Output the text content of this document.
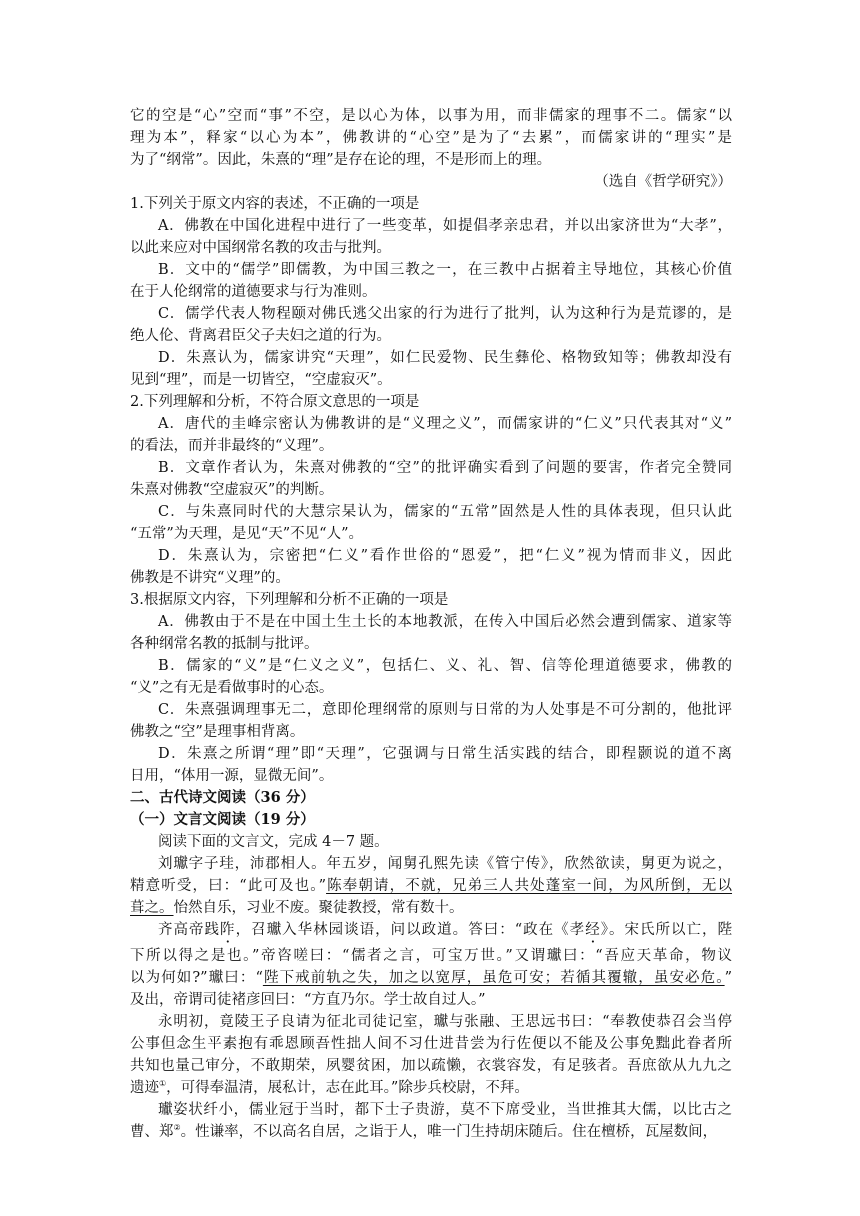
它的空是“心”空而“事”不空，是以心为体，以事为用，而非儒家的理事不二。儒家“以
理为本”，释家“以心为本”，佛教讲的“心空”是为了“去累”，而儒家讲的“理实”是
为了“纲常”。因此，朱熹的“理”是存在论的理，不是形而上的理。
（选自《哲学研究》）
1.下列关于原文内容的表述，不正确的一项是
A．佛教在中国化进程中进行了一些变革，如提倡孝亲忠君，并以出家济世为“大孝”，
以此来应对中国纲常名教的攻击与批判。
B．文中的“儒学”即儒教，为中国三教之一，在三教中占据着主导地位，其核心价值
在于人伦纲常的道德要求与行为准则。
C．儒学代表人物程颐对佛氏逃父出家的行为进行了批判，认为这种行为是荒谬的，是
绝人伦、背离君臣父子夫妇之道的行为。
D．朱熹认为，儒家讲究“天理”，如仁民爱物、民生彝伦、格物致知等；佛教却没有
见到“理”，而是一切皆空，“空虚寂灭”。
2.下列理解和分析，不符合原文意思的一项是
A．唐代的圭峰宗密认为佛教讲的是“义理之义”，而儒家讲的“仁义”只代表其对“义”
的看法，而并非最终的“义理”。
B．文章作者认为，朱熹对佛教的“空”的批评确实看到了问题的要害，作者完全赞同
朱熹对佛教“空虚寂灭”的判断。
C．与朱熹同时代的大慧宗杲认为，儒家的“五常”固然是人性的具体表现，但只认此
“五常”为天理，是见“天”不见“人”。
D．朱熹认为，宗密把“仁义”看作世俗的“恩爱”，把“仁义”视为情而非义，因此
佛教是不讲究“义理”的。
3.根据原文内容，下列理解和分析不正确的一项是
A．佛教由于不是在中国土生土长的本地教派，在传入中国后必然会遭到儒家、道家等
各种纲常名教的抵制与批评。
B．儒家的“义”是“仁义之义”，包括仁、义、礼、智、信等伦理道德要求，佛教的
“义”之有无是看做事时的心态。
C．朱熹强调理事无二，意即伦理纲常的原则与日常的为人处事是不可分割的，他批评
佛教之“空”是理事相背离。
D．朱熹之所谓“理”即“天理”，它强调与日常生活实践的结合，即程颢说的道不离
日用，“体用一源，显微无间”。
二、古代诗文阅读（36 分）
（一）文言文阅读（19 分）
阅读下面的文言文，完成 4－7 题。
刘瓛字子珪，沛郡相人。年五岁，闻舅孔熙先读《管宁传》，欣然欲读，舅更为说之，
精意听受，曰：“此可及也。”陈奉朝请，不就，兄弟三人共处蓬室一间，为风所倒，无以
葺之。怡然自乐，习业不废。聚徒教授，常有数十。
齐高帝践阼，召瓛入华林园谈语，问以政道。答曰：“政在《孝经》。宋氏所以亡，陛
下所以得之是也。”帝咨嗟曰：“儒者之言，可宝万世。”又谓瓛曰：“吾应天革命，物议
以为何如?”瓛曰：“陛下戒前轨之失，加之以宽厚，虽危可安；若循其覆辙，虽安必危。”
及出，帝谓司徒褚彦回曰：“方直乃尔。学士故自过人。”
永明初，竟陵王子良请为征北司徒记室，瓛与张融、王思远书曰：“奉教使恭召会当停
公事但念生平素抱有乖恩顾吾性拙人间不习仕进昔尝为行佐便以不能及公事免黜此眷者所
共知也量己审分，不敢期荣，夙婴贫困，加以疏懒，衣裳容发，有足骇者。吾庶欲从九九之
遗迹①，可得奉温清，展私计，志在此耳。”除步兵校尉，不拜。
瓛姿状纤小，儒业冠于当时，都下士子贵游，莫不下席受业，当世推其大儒，以比古之
曹、郑②。性谦率，不以高名自居，之诣于人，唯一门生持胡床随后。住在檀桥，瓦屋数间，
